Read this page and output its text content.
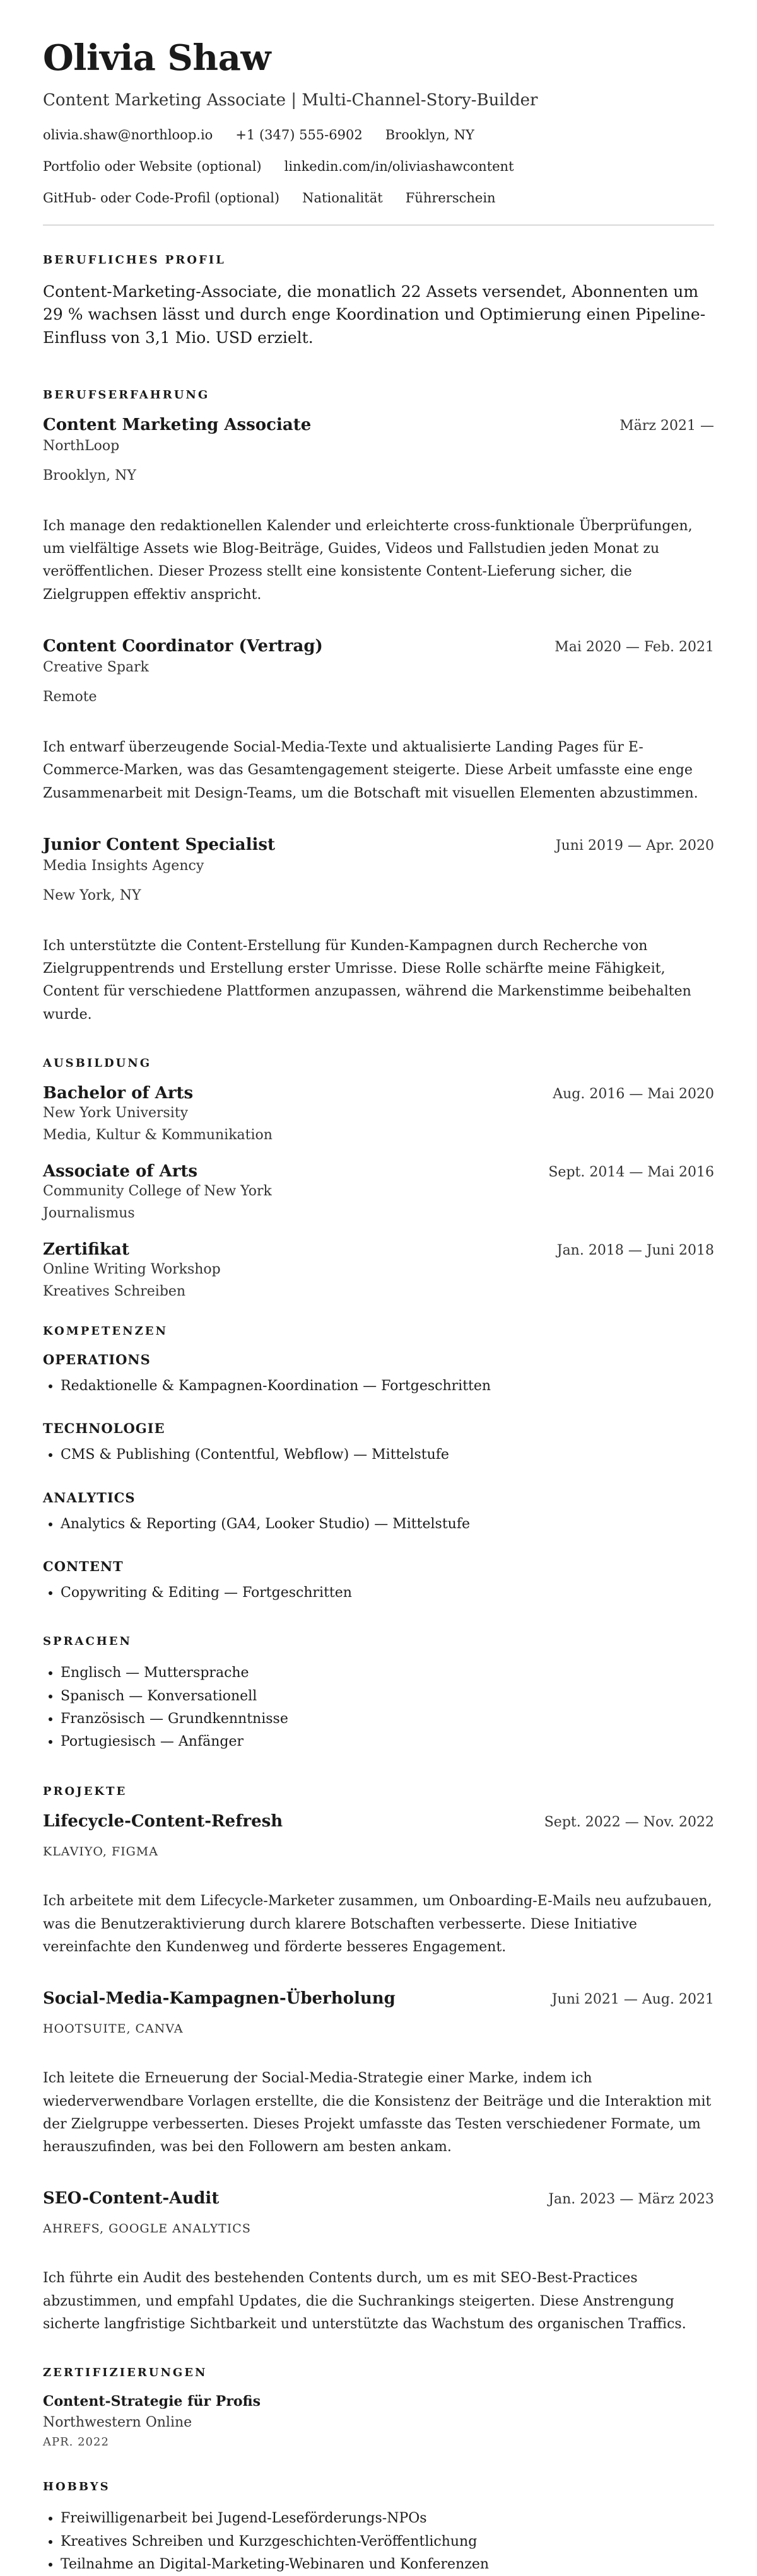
Olivia Shaw
Content Marketing Associate | Multi-Channel-Story-Builder
olivia.shaw@northloop.io +1 (347) 555-6902 Brooklyn, NY
Portfolio oder Website (optional) linkedin.com/in/oliviashawcontent
GitHub- oder Code-Profil (optional) Nationalität Führerschein
BERUFLICHES PROFIL
Content-Marketing-Associate, die monatlich 22 Assets versendet, Abonnenten um 29 % wachsen lässt und durch enge Koordination und Optimierung einen Pipeline-Einfluss von 3,1 Mio. USD erzielt.
BERUFSERFAHRUNG
Content Marketing Associate	März 2021 —
NorthLoop
Brooklyn, NY
Ich manage den redaktionellen Kalender und erleichterte cross-funktionale Überprüfungen, um vielfältige Assets wie Blog-Beiträge, Guides, Videos und Fallstudien jeden Monat zu veröffentlichen. Dieser Prozess stellt eine konsistente Content-Lieferung sicher, die Zielgruppen effektiv anspricht.
Content Coordinator (Vertrag)	Mai 2020 — Feb. 2021
Creative Spark
Remote
Ich entwarf überzeugende Social-Media-Texte und aktualisierte Landing Pages für E-Commerce-Marken, was das Gesamtengagement steigerte. Diese Arbeit umfasste eine enge Zusammenarbeit mit Design-Teams, um die Botschaft mit visuellen Elementen abzustimmen.
Junior Content Specialist	Juni 2019 — Apr. 2020
Media Insights Agency
New York, NY
Ich unterstützte die Content-Erstellung für Kunden-Kampagnen durch Recherche von Zielgruppentrends und Erstellung erster Umrisse. Diese Rolle schärfte meine Fähigkeit, Content für verschiedene Plattformen anzupassen, während die Markenstimme beibehalten wurde.
AUSBILDUNG
Bachelor of Arts	Aug. 2016 — Mai 2020
New York University
Media, Kultur & Kommunikation
Associate of Arts	Sept. 2014 — Mai 2016
Community College of New York
Journalismus
Zertifikat	Jan. 2018 — Juni 2018
Online Writing Workshop
Kreatives Schreiben
KOMPETENZEN
OPERATIONS
• Redaktionelle & Kampagnen-Koordination — Fortgeschritten
TECHNOLOGIE
• CMS & Publishing (Contentful, Webflow) — Mittelstufe
ANALYTICS
• Analytics & Reporting (GA4, Looker Studio) — Mittelstufe
CONTENT
• Copywriting & Editing — Fortgeschritten
SPRACHEN
• Englisch — Muttersprache
• Spanisch — Konversationell
• Französisch — Grundkenntnisse
• Portugiesisch — Anfänger
PROJEKTE
Lifecycle-Content-Refresh	Sept. 2022 — Nov. 2022
KLAVIYO, FIGMA
Ich arbeitete mit dem Lifecycle-Marketer zusammen, um Onboarding-E-Mails neu aufzubauen, was die Benutzeraktivierung durch klarere Botschaften verbesserte. Diese Initiative vereinfachte den Kundenweg und förderte besseres Engagement.
Social-Media-Kampagnen-Überholung	Juni 2021 — Aug. 2021
HOOTSUITE, CANVA
Ich leitete die Erneuerung der Social-Media-Strategie einer Marke, indem ich wiederverwendbare Vorlagen erstellte, die die Konsistenz der Beiträge und die Interaktion mit der Zielgruppe verbesserten. Dieses Projekt umfasste das Testen verschiedener Formate, um herauszufinden, was bei den Followern am besten ankam.
SEO-Content-Audit	Jan. 2023 — März 2023
AHREFS, GOOGLE ANALYTICS
Ich führte ein Audit des bestehenden Contents durch, um es mit SEO-Best-Practices abzustimmen, und empfahl Updates, die die Suchrankings steigerten. Diese Anstrengung sicherte langfristige Sichtbarkeit und unterstützte das Wachstum des organischen Traffics.
ZERTIFIZIERUNGEN
Content-Strategie für Profis
Northwestern Online
APR. 2022
HOBBYS
• Freiwilligenarbeit bei Jugend-Leseförderungs-NPOs
• Kreatives Schreiben und Kurzgeschichten-Veröffentlichung
• Teilnahme an Digital-Marketing-Webinaren und Konferenzen
